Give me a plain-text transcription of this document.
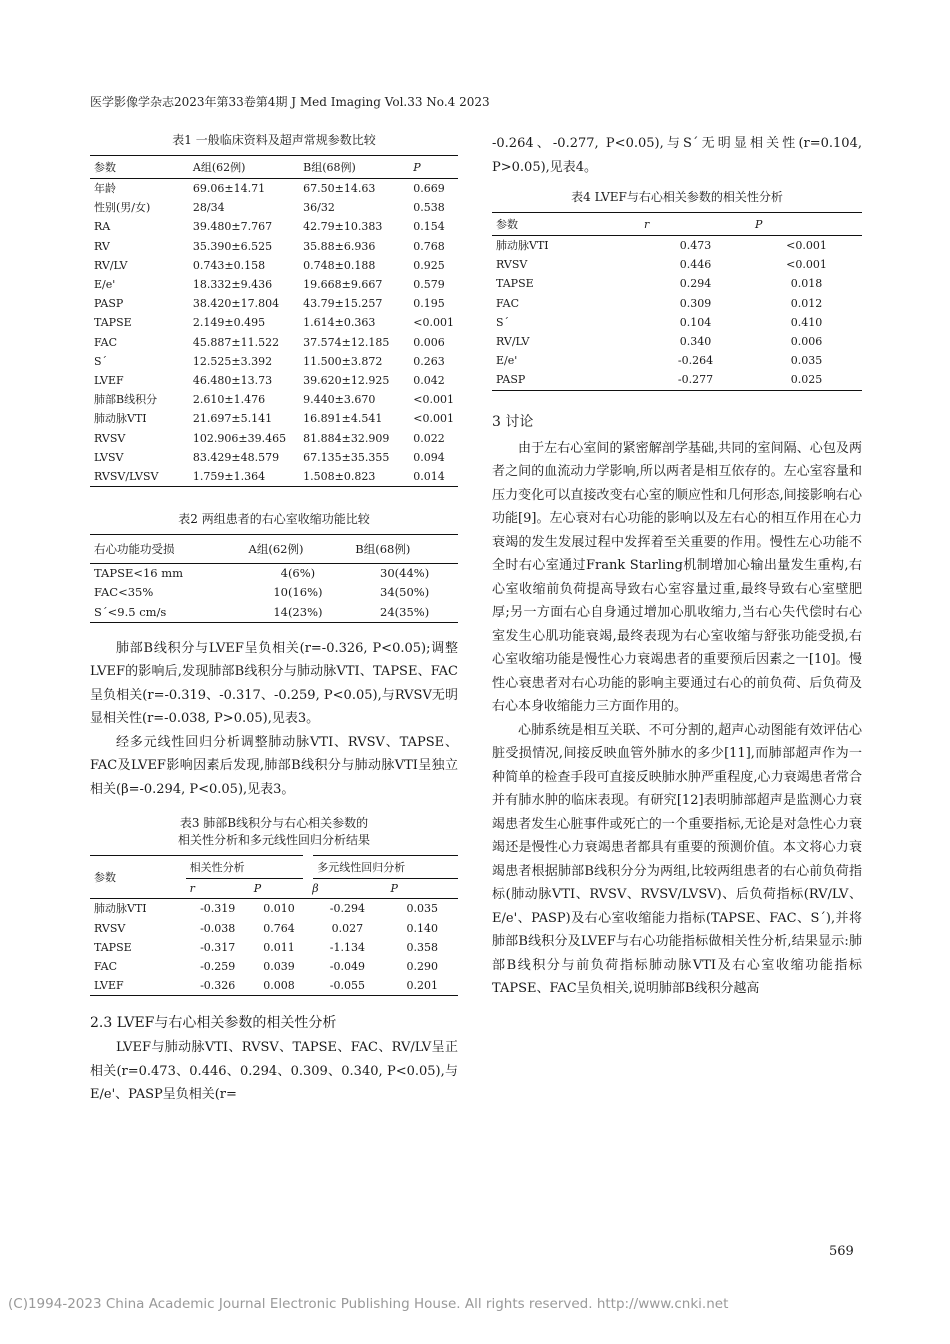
医学影像学杂志2023年第33卷第4期 J Med Imaging Vol.33 No.4 2023
表1 一般临床资料及超声常规参数比较
参数	A组(62例)	B组(68例)	P
年龄	69.06±14.71	67.50±14.63	0.669
性别(男/女)	28/34	36/32	0.538
RA	39.480±7.767	42.79±10.383	0.154
RV	35.390±6.525	35.88±6.936	0.768
RV/LV	0.743±0.158	0.748±0.188	0.925
E/e'	18.332±9.436	19.668±9.667	0.579
PASP	38.420±17.804	43.79±15.257	0.195
TAPSE	2.149±0.495	1.614±0.363	<0.001
FAC	45.887±11.522	37.574±12.185	0.006
S´	12.525±3.392	11.500±3.872	0.263
LVEF	46.480±13.73	39.620±12.925	0.042
肺部B线积分	2.610±1.476	9.440±3.670	<0.001
肺动脉VTI	21.697±5.141	16.891±4.541	<0.001
RVSV	102.906±39.465	81.884±32.909	0.022
LVSV	83.429±48.579	67.135±35.355	0.094
RVSV/LVSV	1.759±1.364	1.508±0.823	0.014
表2 两组患者的右心室收缩功能比较
右心功能功受损	A组(62例)	B组(68例)
TAPSE<16 mm	4(6%)	30(44%)
FAC<35%	10(16%)	34(50%)
S´<9.5 cm/s	14(23%)	24(35%)

肺部B线积分与LVEF呈负相关(r=-0.326, P<0.05);调整LVEF的影响后,发现肺部B线积分与肺动脉VTI、TAPSE、FAC呈负相关(r=-0.319、-0.317、-0.259, P<0.05),与RVSV无明显相关性(r=-0.038, P>0.05),见表3。

经多元线性回归分析调整肺动脉VTI、RVSV、TAPSE、FAC及LVEF影响因素后发现,肺部B线积分与肺动脉VTI呈独立相关(β=-0.294, P<0.05),见表3。

表3 肺部B线积分与右心相关参数的
相关性分析和多元线性回归分析结果
参数	相关性分析		多元线性回归分析	
	r	P	β	P
肺动脉VTI	-0.319	0.010	-0.294	0.035
RVSV	-0.038	0.764	0.027	0.140
TAPSE	-0.317	0.011	-1.134	0.358
FAC	-0.259	0.039	-0.049	0.290
LVEF	-0.326	0.008	-0.055	0.201
2.3 LVEF与右心相关参数的相关性分析

LVEF与肺动脉VTI、RVSV、TAPSE、FAC、RV/LV呈正相关(r=0.473、0.446、0.294、0.309、0.340, P<0.05),与E/e'、PASP呈负相关(r=

-0.264、-0.277, P<0.05),与S´无明显相关性(r=0.104, P>0.05),见表4。

表4 LVEF与右心相关参数的相关性分析
参数	r	P
肺动脉VTI	0.473	<0.001
RVSV	0.446	<0.001
TAPSE	0.294	0.018
FAC	0.309	0.012
S´	0.104	0.410
RV/LV	0.340	0.006
E/e'	-0.264	0.035
PASP	-0.277	0.025
3 讨论

由于左右心室间的紧密解剖学基础,共同的室间隔、心包及两者之间的血流动力学影响,所以两者是相互依存的。左心室容量和压力变化可以直接改变右心室的顺应性和几何形态,间接影响右心功能[9]。左心衰对右心功能的影响以及左右心的相互作用在心力衰竭的发生发展过程中发挥着至关重要的作用。慢性左心功能不全时右心室通过Frank Starling机制增加心输出量发生重构,右心室收缩前负荷提高导致右心室容量过重,最终导致右心室壁肥厚;另一方面右心自身通过增加心肌收缩力,当右心失代偿时右心室发生心肌功能衰竭,最终表现为右心室收缩与舒张功能受损,右心室收缩功能是慢性心力衰竭患者的重要预后因素之一[10]。慢性心衰患者对右心功能的影响主要通过右心的前负荷、后负荷及右心本身收缩能力三方面作用的。

心肺系统是相互关联、不可分割的,超声心动图能有效评估心脏受损情况,间接反映血管外肺水的多少[11],而肺部超声作为一种简单的检查手段可直接反映肺水肿严重程度,心力衰竭患者常合并有肺水肿的临床表现。有研究[12]表明肺部超声是监测心力衰竭患者发生心脏事件或死亡的一个重要指标,无论是对急性心力衰竭还是慢性心力衰竭患者都具有重要的预测价值。本文将心力衰竭患者根据肺部B线积分分为两组,比较两组患者的右心前负荷指标(肺动脉VTI、RVSV、RVSV/LVSV)、后负荷指标(RV/LV、E/e'、PASP)及右心室收缩能力指标(TAPSE、FAC、S´),并将肺部B线积分及LVEF与右心功能指标做相关性分析,结果显示:肺部B线积分与前负荷指标肺动脉VTI及右心室收缩功能指标TAPSE、FAC呈负相关,说明肺部B线积分越高

569
(C)1994-2023 China Academic Journal Electronic Publishing House. All rights reserved. http://www.cnki.net
